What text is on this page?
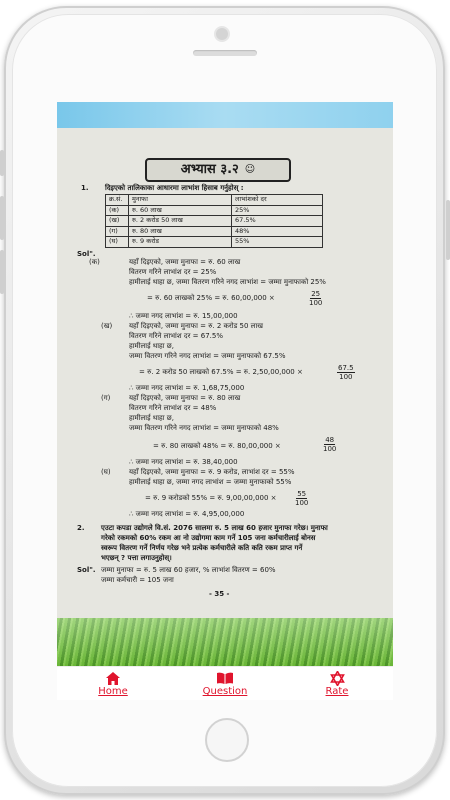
अभ्यास ३.२ ☺
1. दिइएको तालिकाका आधारमा लाभांश हिसाब गर्नुहोस् :
क्र.सं.	मुनाफा	लाभांशको दर
(क)	रु. 60 लाख	25%
(ख)	रु. 2 करोड 50 लाख	67.5%
(ग)	रु. 80 लाख	48%
(घ)	रु. 9 करोड	55%
Sol".
(क)	यहाँ दिइएको, जम्मा मुनाफा = रु. 60 लाख
वितरण गरिने लाभांश दर = 25%
हामीलाई थाहा छ, जम्मा वितरण गरिने नगद लाभांश = जम्मा मुनाफाको 25%
= रु. 60 लाखको 25% = रु. 60,00,000 ×	$\frac{25}{100}$
∴ जम्मा नगद लाभांश = रु. 15,00,000
(ख) यहाँ दिइएको, जम्मा मुनाफा = रु. 2 करोड 50 लाख
वितरण गरिने लाभांश दर = 67.5%
हामीलाई थाहा छ,
जम्मा वितरण गरिने नगद लाभांश = जम्मा मुनाफाको 67.5%
= रु. 2 करोड 50 लाखको 67.5% = रु. 2,50,00,000 ×	$\frac{67.5}{100}$
∴ जम्मा नगद लाभांश = रु. 1,68,75,000
(ग)	यहाँ दिइएको, जम्मा मुनाफा = रु. 80 लाख
वितरण गरिने लाभांश दर = 48%
हामीलाई थाहा छ,
जम्मा वितरण गरिने नगद लाभांश = जम्मा मुनाफाको 48%
= रु. 80 लाखको 48% = रु. 80,00,000 ×	$\frac{48}{100}$
∴ जम्मा नगद लाभांश = रु. 38,40,000
(घ)	यहाँ दिइएको, जम्मा मुनाफा = रु. 9 करोड, लाभांश दर = 55%
हामीलाई थाहा छ, जम्मा नगद लाभांश = जम्मा मुनाफाको 55%
= रु. 9 करोडको 55% = रु. 9,00,00,000 ×	$\frac{55}{100}$
∴ जम्मा नगद लाभांश = रु. 4,95,00,000
2. एउटा कपडा उद्योगले वि.सं. 2076 सालमा रु. 5 लाख 60 हजार मुनाफा गरेछ। मुनाफा
गरेको रकमको 60% रकम आ नो उद्योगमा काम गर्ने 105 जना कर्मचारीलाई बोनस
स्वरूप वितरण गर्ने निर्णय गरेछ भने प्रत्येक कर्मचारीले कति कति रकम प्राप्त गर्ने
भएछन् ? पत्ता लगाउनुहोस्।
Sol". जम्मा मुनाफा = रु. 5 लाख 60 हजार, % लाभांश वितरण = 60%
जम्मा कर्मचारी = 105 जना
- 35 -
Home	Question	Rate
